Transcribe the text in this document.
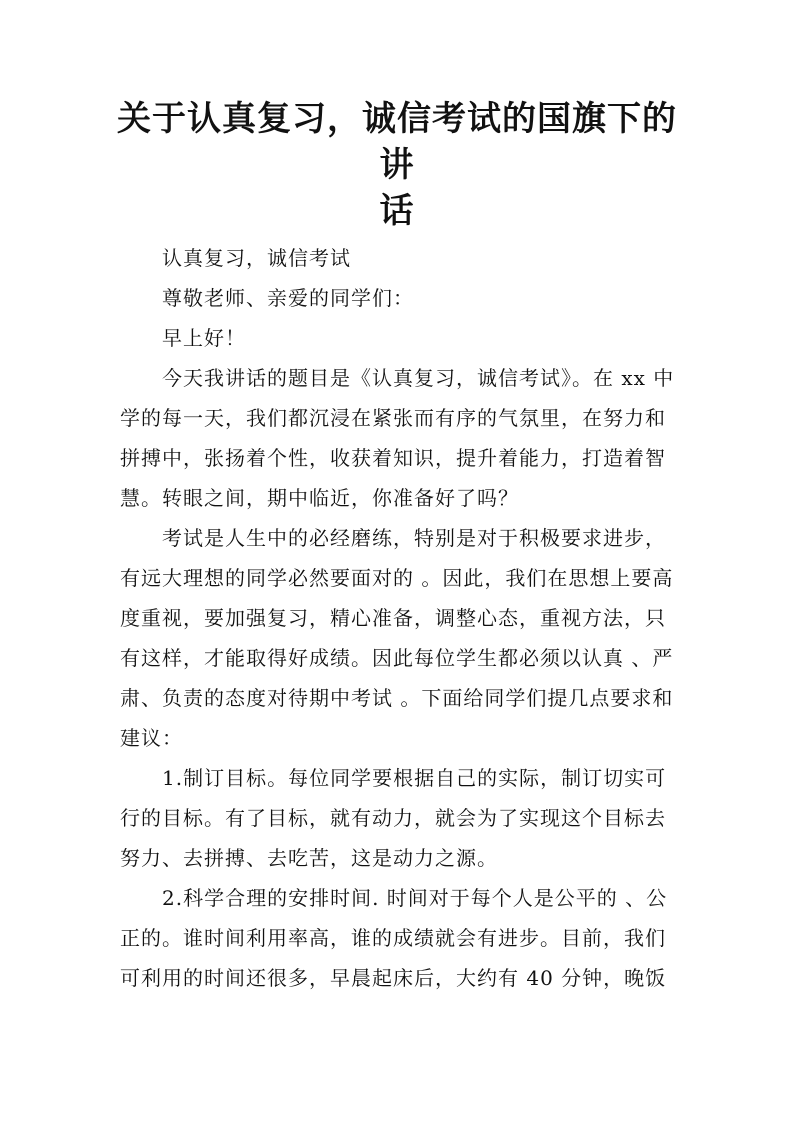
关于认真复习，诚信考试的国旗下的讲
话
认真复习，诚信考试
尊敬老师、亲爱的同学们：
早上好！
今天我讲话的题目是《认真复习，诚信考试》。在 xx 中
学的每一天，我们都沉浸在紧张而有序的气氛里，在努力和
拼搏中，张扬着个性，收获着知识，提升着能力，打造着智
慧。转眼之间，期中临近，你准备好了吗？
考试是人生中的必经磨练，特别是对于积极要求进步，
有远大理想的同学必然要面对的 。因此，我们在思想上要高
度重视，要加强复习，精心准备，调整心态，重视方法，只
有这样，才能取得好成绩。因此每位学生都必须以认真 、严
肃、负责的态度对待期中考试 。下面给同学们提几点要求和
建议：
1.制订目标。每位同学要根据自己的实际，制订切实可
行的目标。有了目标，就有动力，就会为了实现这个目标去
努力、去拼搏、去吃苦，这是动力之源。
2.科学合理的安排时间. 时间对于每个人是公平的 、公
正的。谁时间利用率高，谁的成绩就会有进步。目前，我们
可利用的时间还很多，早晨起床后，大约有 40 分钟，晚饭
